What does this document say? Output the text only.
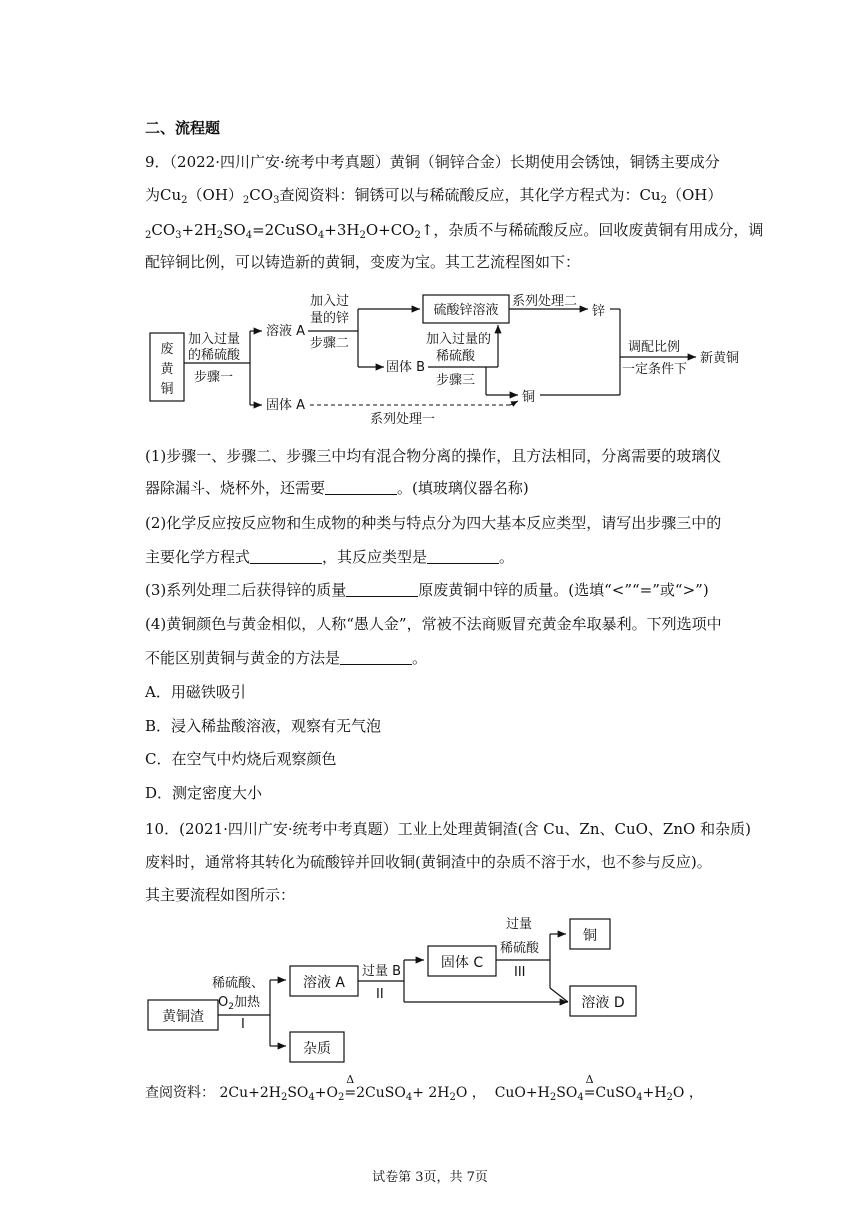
二、流程题
9．（2022·四川广安·统考中考真题）黄铜（铜锌合金）长期使用会锈蚀，铜锈主要成分
为$Cu_2(OH)_2CO_3$查阅资料：铜锈可以与稀硫酸反应，其化学方程式为：$Cu_2(OH)$
$_2CO_3+2H_2SO_4=2CuSO_4+3H_2O+CO_2↑$，杂质不与稀硫酸反应。回收废黄铜有用成分，调
配锌铜比例，可以铸造新的黄铜，变废为宝。其工艺流程图如下：
废
黄
铜
加入过量
的稀硫酸
步骤一
溶液 A
固体 A
加入过
量的锌
步骤二
硫酸锌溶液
系列处理二
锌
固体 B
加入过量的
稀硫酸
步骤三
铜
调配比例
一定条件下
新黄铜
系列处理一
(1)步骤一、步骤二、步骤三中均有混合物分离的操作，且方法相同，分离需要的玻璃仪
器除漏斗、烧杯外，还需要	。(填玻璃仪器名称)
(2)化学反应按反应物和生成物的种类与特点分为四大基本反应类型，请写出步骤三中的
主要化学方程式	，其反应类型是	。
(3)系列处理二后获得锌的质量	原废黄铜中锌的质量。(选填“<”“=”或“>”)
(4)黄铜颜色与黄金相似，人称“愚人金”，常被不法商贩冒充黄金牟取暴利。下列选项中
不能区别黄铜与黄金的方法是	。
A．用磁铁吸引
B．浸入稀盐酸溶液，观察有无气泡
C．在空气中灼烧后观察颜色
D．测定密度大小
10．(2021·四川广安·统考中考真题）工业上处理黄铜渣(含 Cu、Zn、CuO、ZnO 和杂质)
废料时，通常将其转化为硫酸锌并回收铜(黄铜渣中的杂质不溶于水，也不参与反应)。
其主要流程如图所示：
黄铜渣
稀硫酸、
$O_2$加热
I
溶液 A
杂质
过量 B
II
固体 C
过量
稀硫酸
III
铜
溶液 D
查阅资料： $2Cu+2H_2SO_4+O_2$
Δ
=2CuSO$_4$+ $2H_2O$ ， $CuO+H_2SO_4$
Δ
$=CuSO_4+H_2O$ ，
试卷第 3页，共 7页
